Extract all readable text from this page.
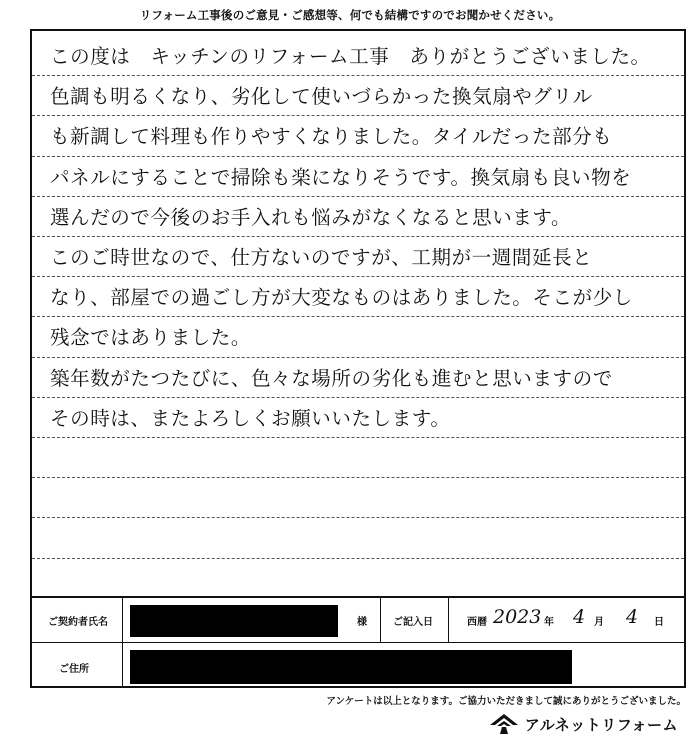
リフォーム工事後のご意見・ご感想等、何でも結構ですのでお聞かせください。
この度は　キッチンのリフォーム工事　ありがとうございました。
色調も明るくなり、劣化して使いづらかった換気扇やグリル
も新調して料理も作りやすくなりました。タイルだった部分も
パネルにすることで掃除も楽になりそうです。換気扇も良い物を
選んだので今後のお手入れも悩みがなくなると思います。
このご時世なので、仕方ないのですが、工期が一週間延長と
なり、部屋での過ごし方が大変なものはありました。そこが少し
残念ではありました。
築年数がたつたびに、色々な場所の劣化も進むと思いますので
その時は、またよろしくお願いいたします。
ご契約者氏名	様	ご記入日	西暦 2023 年 4 月 4 日
ご住所
アンケートは以上となります。ご協力いただきまして誠にありがとうございました。
アルネットリフォーム
